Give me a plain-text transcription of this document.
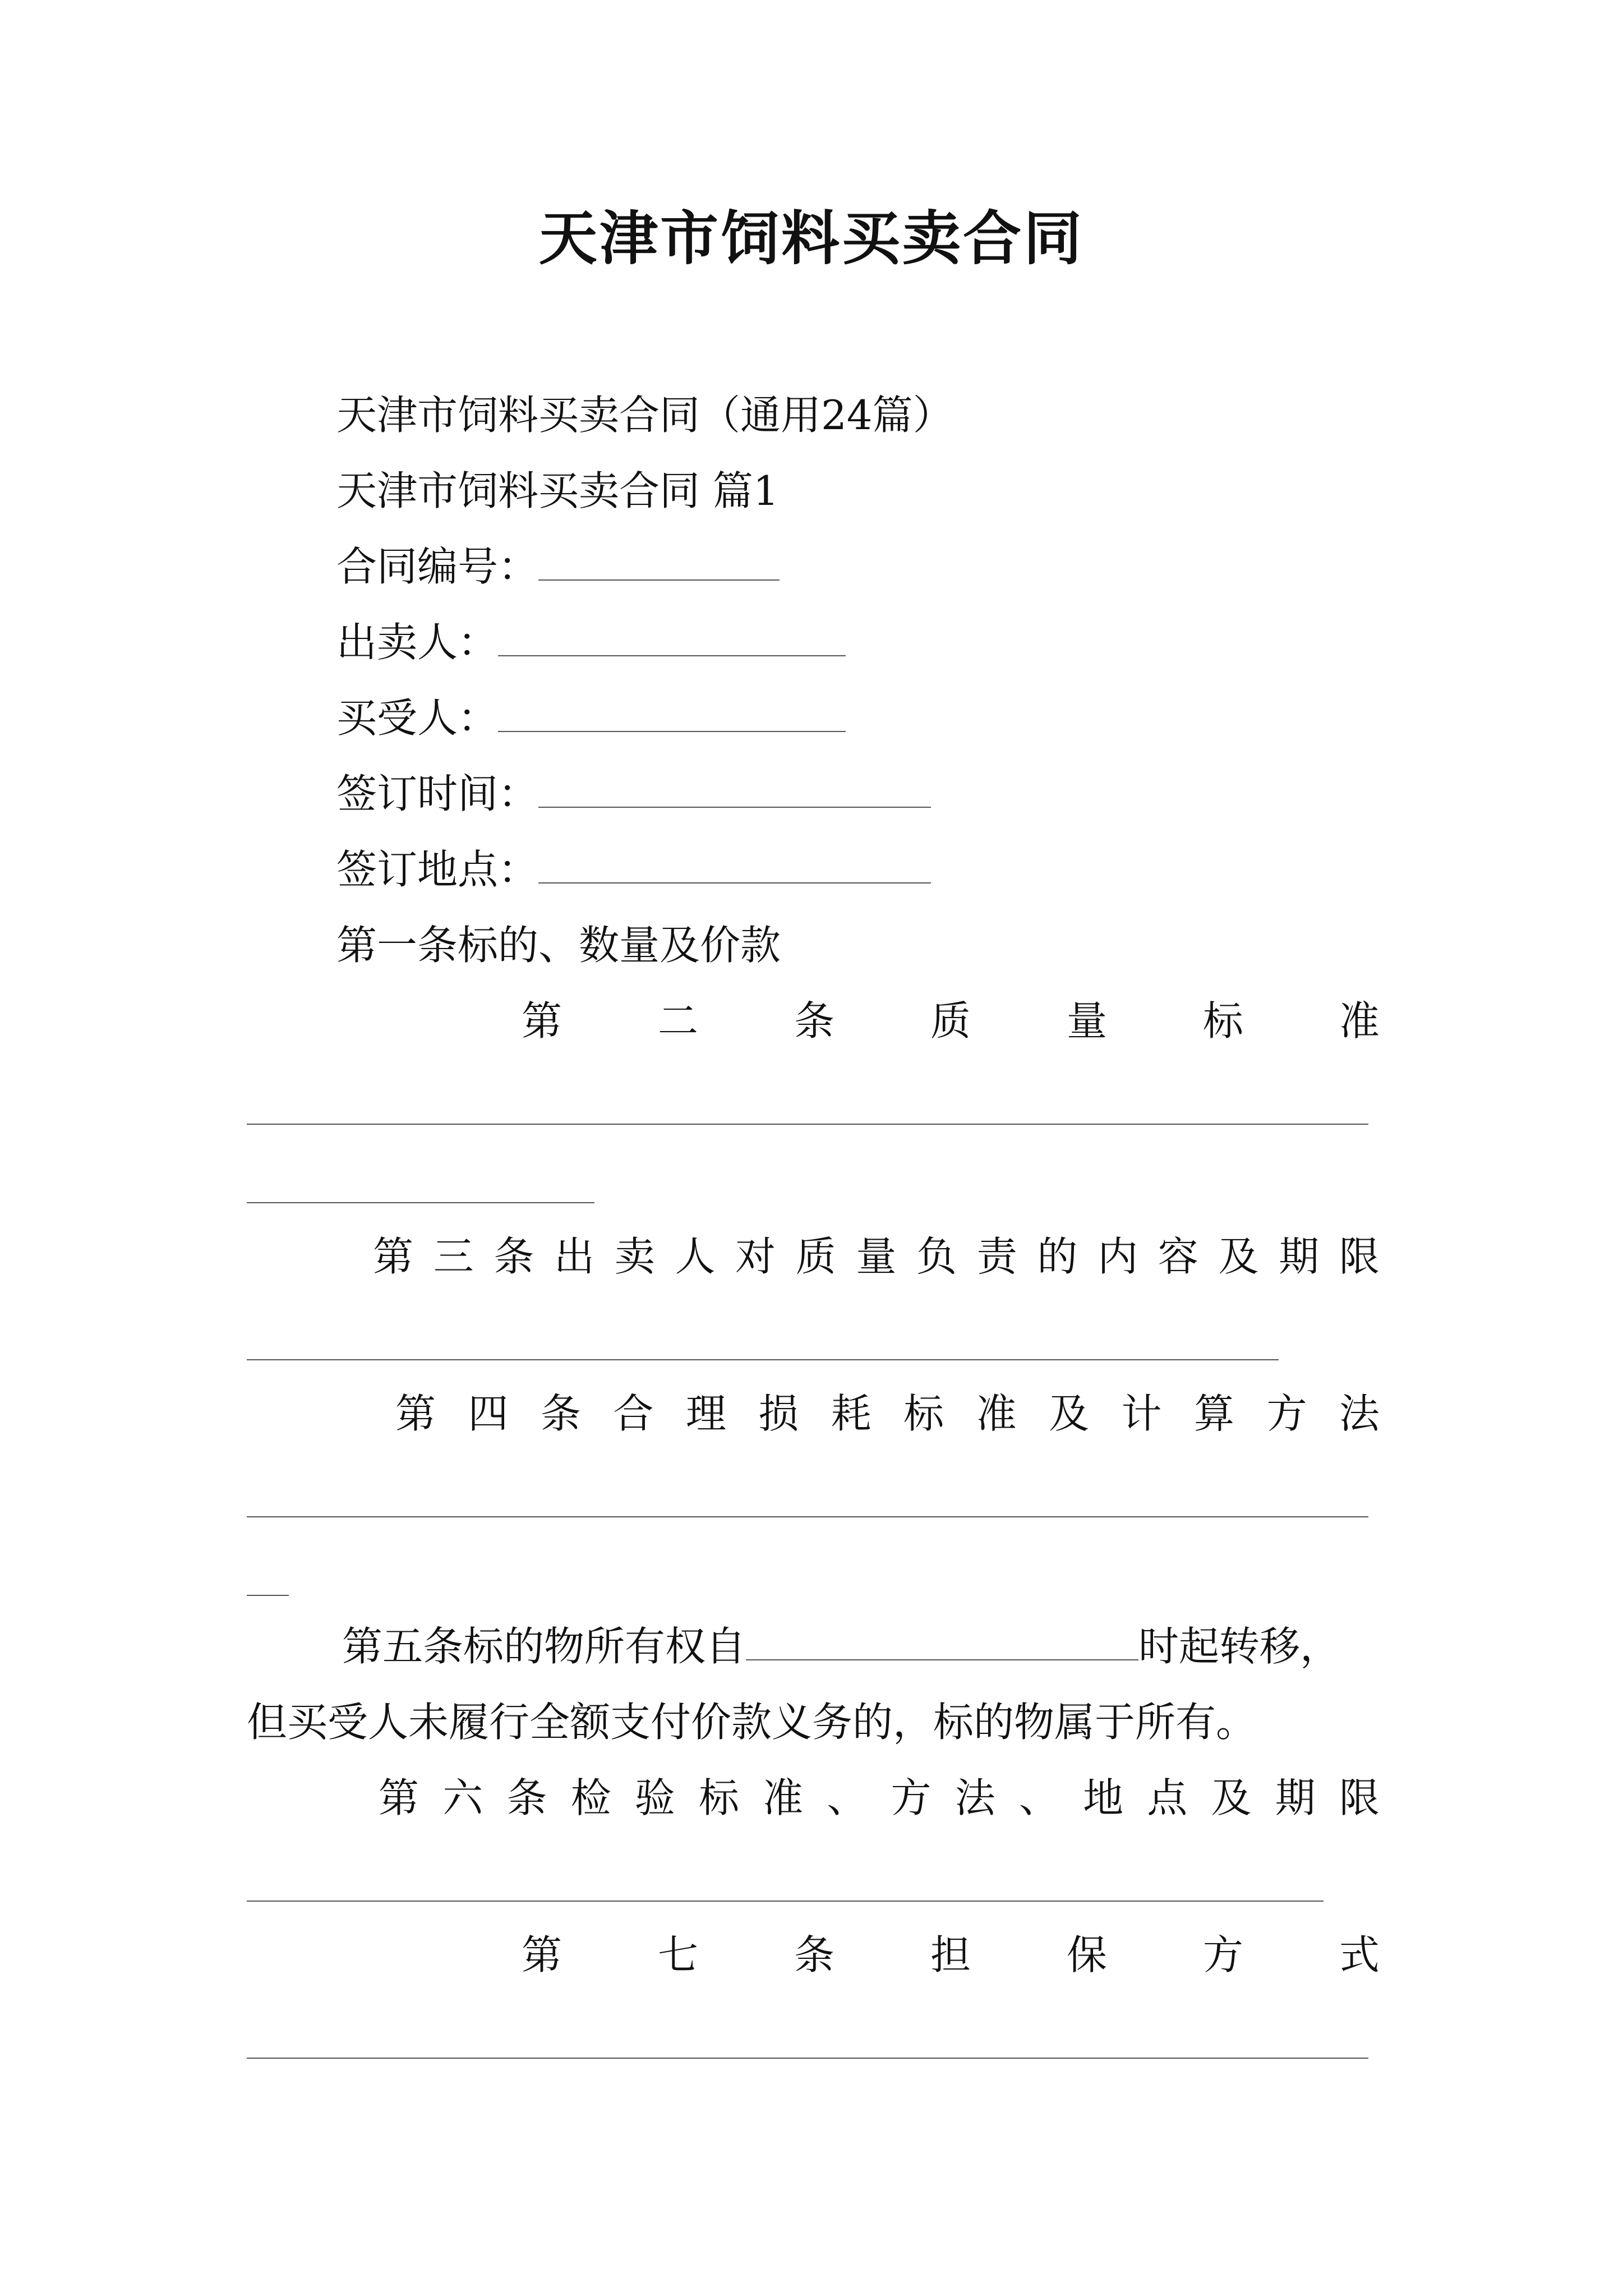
天津市饲料买卖合同
天津市饲料买卖合同（通用24篇）
天津市饲料买卖合同 篇1
合同编号：
出卖人：
买受人：
签订时间：
签订地点：
第一条标的、数量及价款
第 二 条 质 量 标 准
第 三 条 出 卖 人 对 质 量 负 责 的 内 容 及 期 限
第 四 条 合 理 损 耗 标 准 及 计 算 方 法
第五条标的物所有权自	时起转移，
但买受人未履行全额支付价款义务的，标的物属于所有。
第 六 条 检 验 标 准 、 方 法 、 地 点 及 期 限
第 七 条 担 保 方 式
